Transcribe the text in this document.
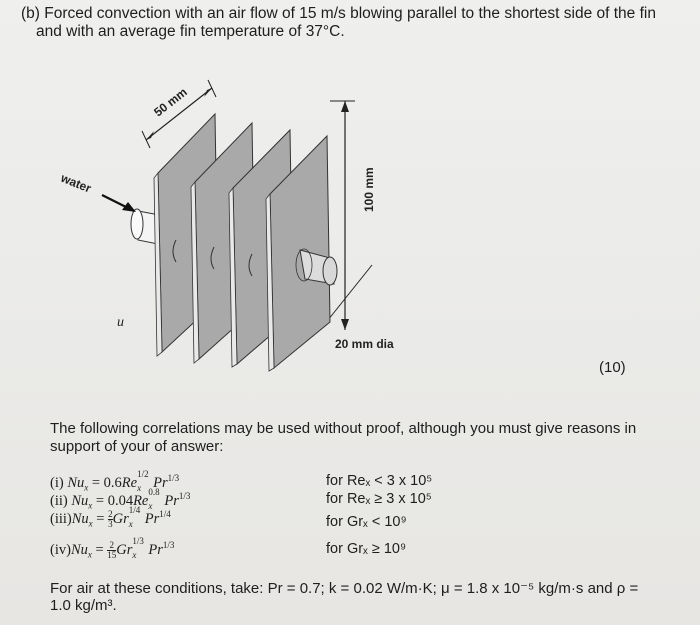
(b) Forced convection with an air flow of 15 m/s blowing parallel to the shortest side of the fin
and with an average fin temperature of 37°C.
50 mm
100 mm
water
u
20 mm dia
(10)
The following correlations may be used without proof, although you must give reasons in
support of your of answer:
(i) $Nu_x = 0.6Re_x$
1/2
$Pr^{1/3}$
(ii) $Nu_x = 0.04Re_x$
0.8
$Pr^{1/3}$
$(iii)Nu_x = \frac{2}{3} Gr_x$
1/4
$Pr^{1/4}$
$(iv)Nu_x = \frac{2}{15} Gr_x$
1/3
$Pr^{1/3}$
for Reₓ < 3 x 10⁵
for Reₓ ≥ 3 x 10⁵
for Grₓ < 10⁹
for Grₓ ≥ 10⁹
For air at these conditions, take: Pr = 0.7; k = 0.02 W/m·K; μ = 1.8 x 10⁻⁵ kg/m·s and ρ =
1.0 kg/m³.
